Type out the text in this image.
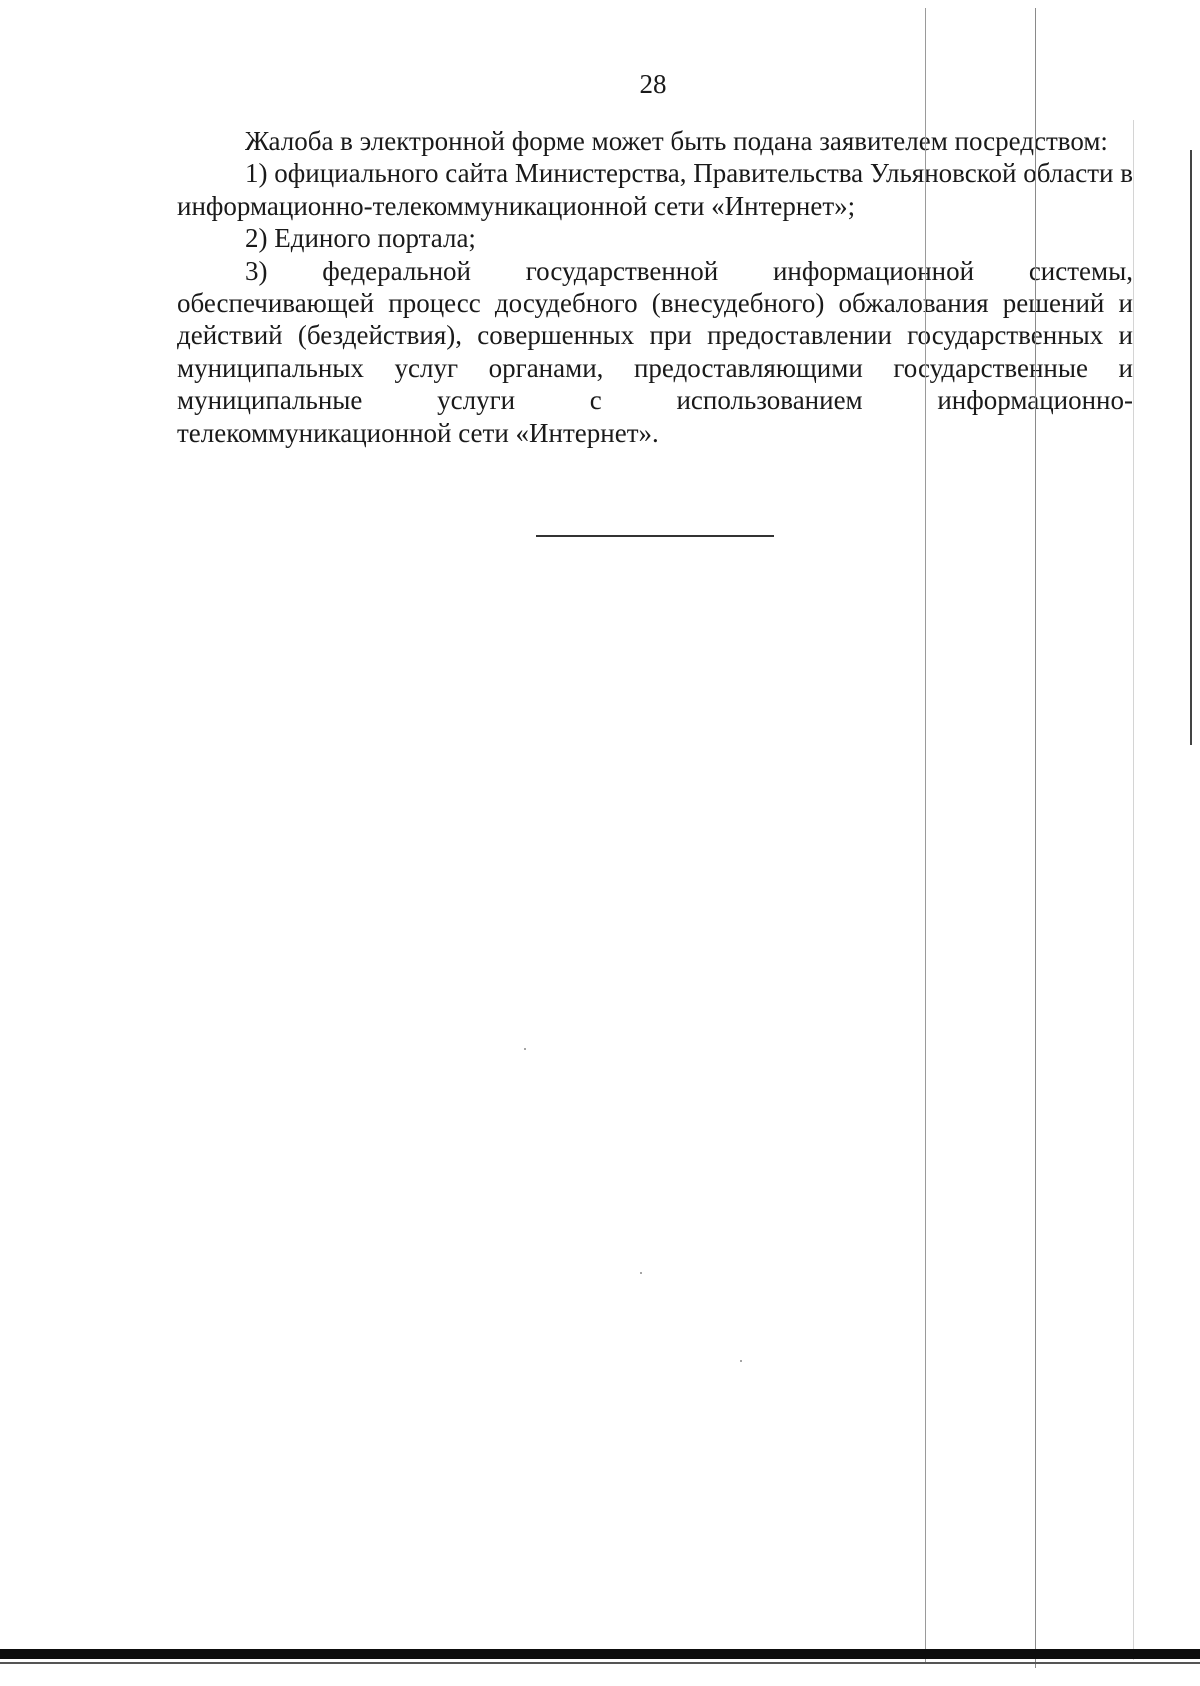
28

Жалоба в электронной форме может быть подана заявителем посредством:

1) официального сайта Министерства, Правительства Ульяновской области в информационно-телекоммуникационной сети «Интернет»;

2) Единого портала;

3) федеральной государственной информационной системы, обеспечивающей процесс досудебного (внесудебного) обжалования решений и действий (бездействия), совершенных при предоставлении государственных и муниципальных услуг органами, предоставляющими государственные и муниципальные услуги с использованием информационно-телекоммуникационной сети «Интернет».
